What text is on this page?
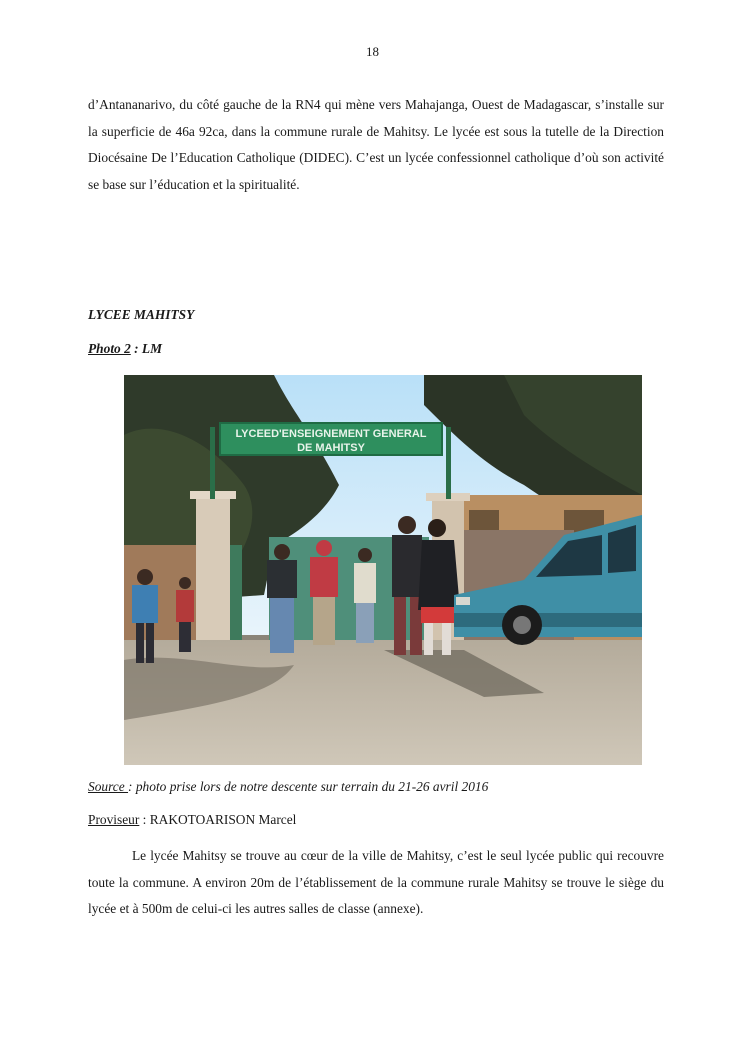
18

d’Antananarivo, du côté gauche de la RN4 qui mène vers Mahajanga, Ouest de Madagascar, s’installe sur la superficie de 46a 92ca, dans la commune rurale de Mahitsy. Le lycée est sous la tutelle de la Direction Diocésaine De l’Education Catholique (DIDEC). C’est un lycée confessionnel catholique d’où son activité se base sur l’éducation et la spiritualité.

LYCEE MAHITSY

Photo 2 : LM
LYCEED'ENSEIGNEMENT GENERAL
DE MAHITSY
Source : photo prise lors de notre descente sur terrain du 21-26 avril 2016
Proviseur : RAKOTOARISON Marcel

Le lycée Mahitsy se trouve au cœur de la ville de Mahitsy, c’est le seul lycée public qui recouvre toute la commune. A environ 20m de l’établissement de la commune rurale Mahitsy se trouve le siège du lycée et à 500m de celui-ci les autres salles de classe (annexe).
